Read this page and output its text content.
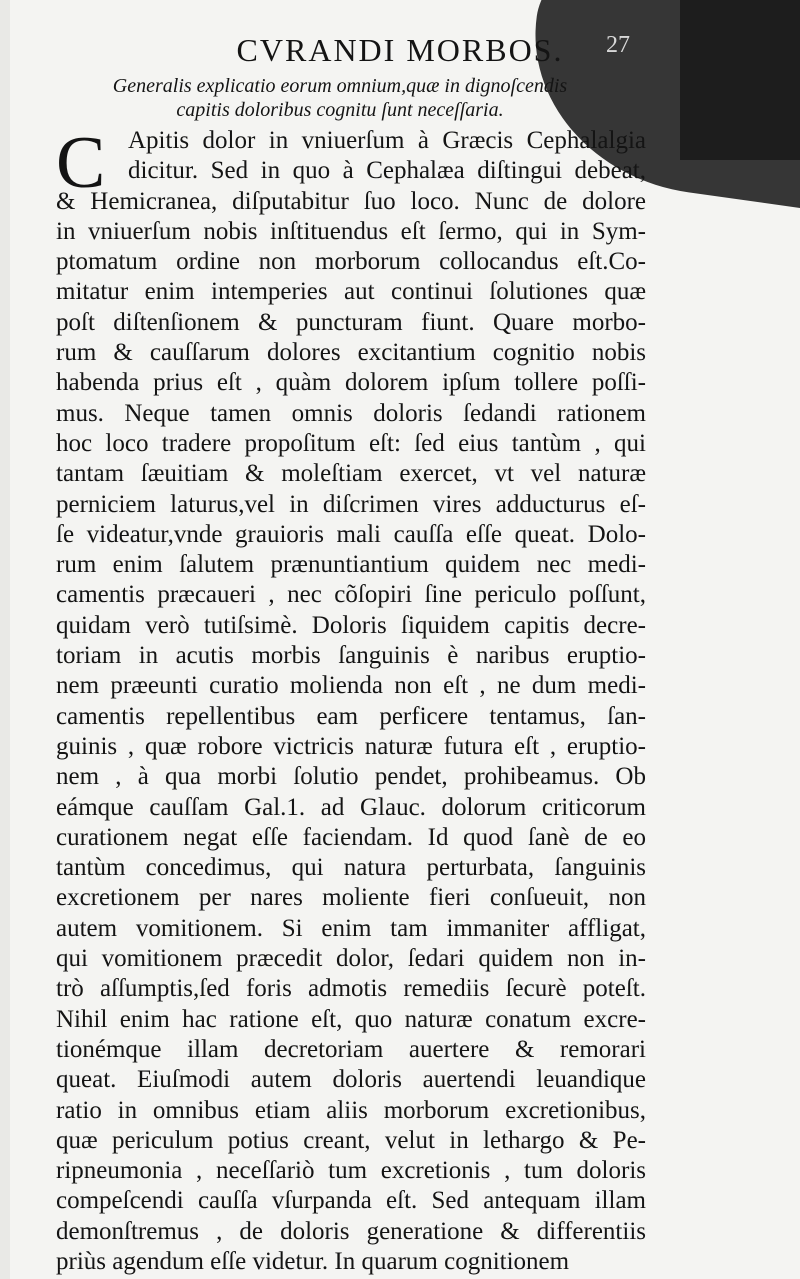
CVRANDI MORBOS.	27
Generalis explicatio eorum omnium,quæ in dignoſcendis
capitis doloribus cognitu ſunt neceſſaria.
C Apitis dolor in vniuerſum à Græcis Cephalalgia
dicitur. Sed in quo à Cephalæa diſtingui debeat,
& Hemicranea, diſputabitur ſuo loco. Nunc de dolore
in vniuerſum nobis inſtituendus eſt ſermo, qui in Sym-
ptomatum ordine non morborum collocandus eſt.Co-
mitatur enim intemperies aut continui ſolutiones quæ
poſt diſtenſionem & puncturam fiunt. Quare morbo-
rum & cauſſarum dolores excitantium cognitio nobis
habenda prius eſt , quàm dolorem ipſum tollere poſſi-
mus. Neque tamen omnis doloris ſedandi rationem
hoc loco tradere propoſitum eſt: ſed eius tantùm , qui
tantam ſæuitiam & moleſtiam exercet, vt vel naturæ
perniciem laturus,vel in diſcrimen vires adducturus eſ-
ſe videatur,vnde grauioris mali cauſſa eſſe queat. Dolo-
rum enim ſalutem prænuntiantium quidem nec medi-
camentis præcaueri , nec cõſopiri ſine periculo poſſunt,
quidam verò tutiſsimè. Doloris ſiquidem capitis decre-
toriam in acutis morbis ſanguinis è naribus eruptio-
nem præeunti curatio molienda non eſt , ne dum medi-
camentis repellentibus eam perficere tentamus, ſan-
guinis , quæ robore victricis naturæ futura eſt , eruptio-
nem , à qua morbi ſolutio pendet, prohibeamus. Ob
eámque cauſſam Gal.1. ad Glauc. dolorum criticorum
curationem negat eſſe faciendam. Id quod ſanè de eo
tantùm concedimus, qui natura perturbata, ſanguinis
excretionem per nares moliente fieri conſueuit, non
autem vomitionem. Si enim tam immaniter affligat,
qui vomitionem præcedit dolor, ſedari quidem non in-
trò aſſumptis,ſed foris admotis remediis ſecurè poteſt.
Nihil enim hac ratione eſt, quo naturæ conatum excre-
tionémque illam decretoriam auertere & remorari
queat. Eiuſmodi autem doloris auertendi leuandique
ratio in omnibus etiam aliis morborum excretionibus,
quæ periculum potius creant, velut in lethargo & Pe-
ripneumonia , neceſſariò tum excretionis , tum doloris
compeſcendi cauſſa vſurpanda eſt. Sed antequam illam
demonſtremus , de doloris generatione & differentiis
priùs agendum eſſe videtur. In quarum cognitionem
